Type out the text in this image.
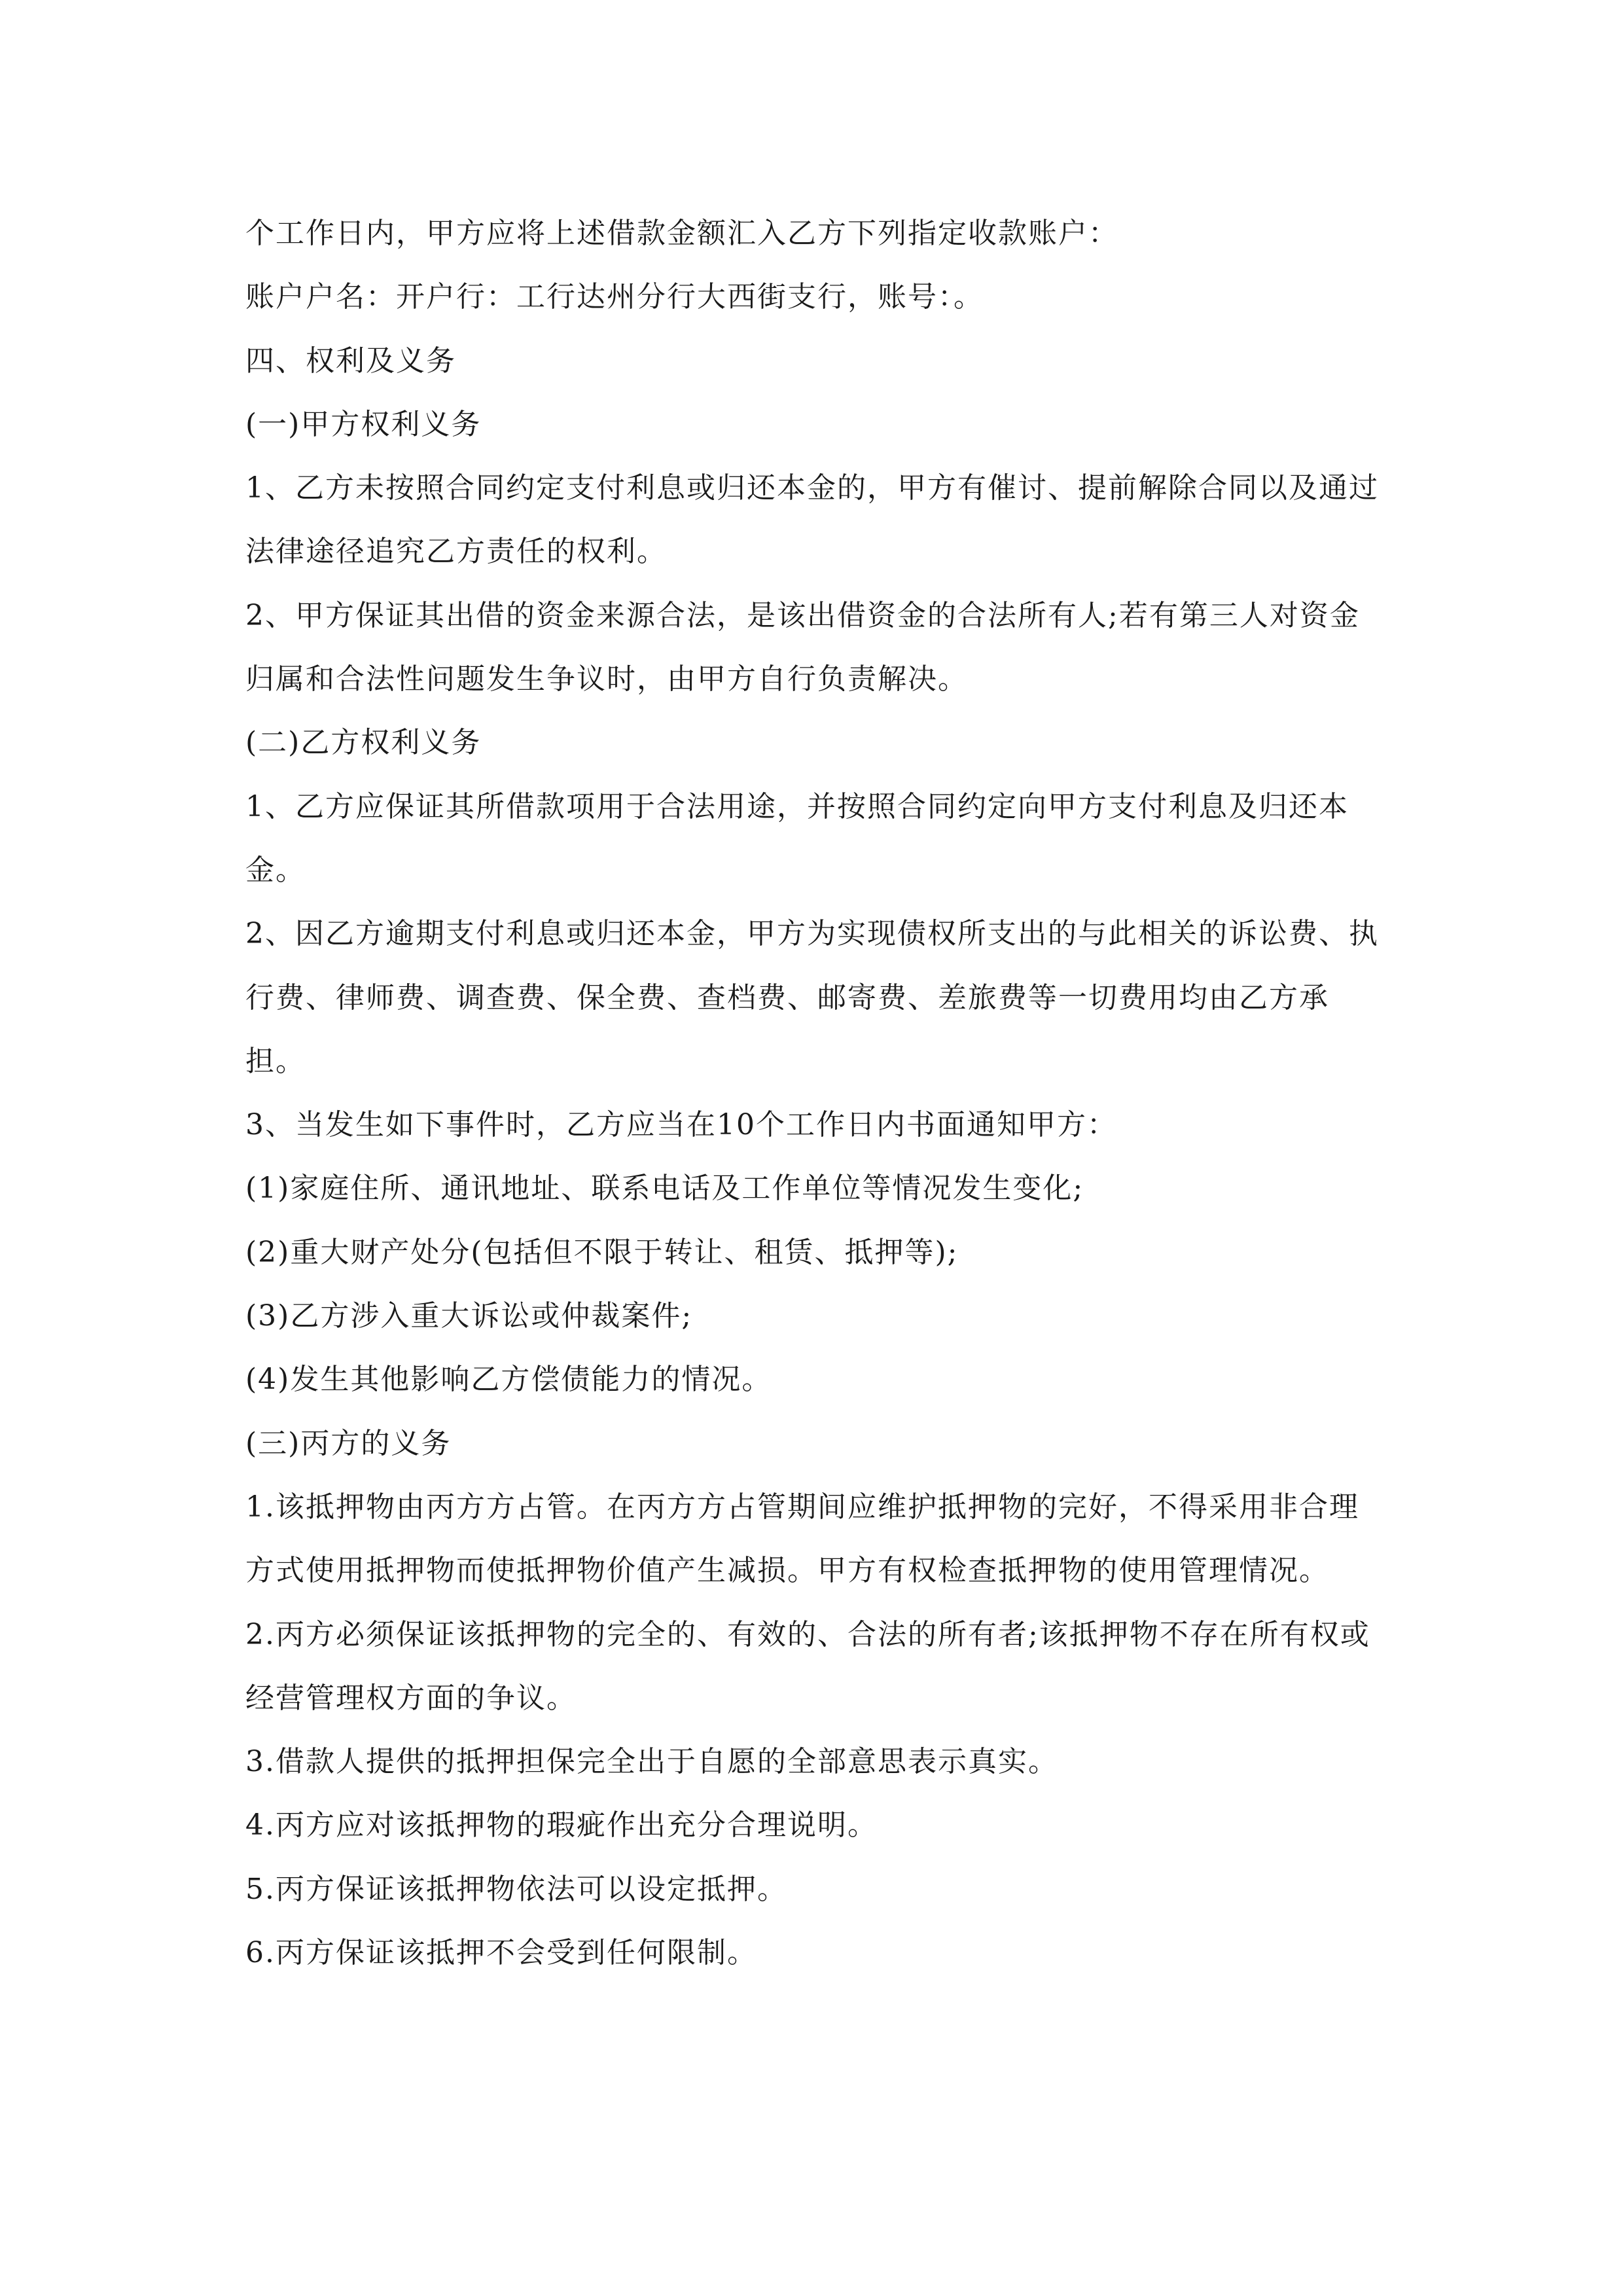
个工作日内，甲方应将上述借款金额汇入乙方下列指定收款账户：

账户户名：开户行：工行达州分行大西街支行，账号：。

四、权利及义务

(一)甲方权利义务

1、乙方未按照合同约定支付利息或归还本金的，甲方有催讨、提前解除合同以及通过法律途径追究乙方责任的权利。

2、甲方保证其出借的资金来源合法，是该出借资金的合法所有人;若有第三人对资金归属和合法性问题发生争议时，由甲方自行负责解决。

(二)乙方权利义务

1、乙方应保证其所借款项用于合法用途，并按照合同约定向甲方支付利息及归还本金。

2、因乙方逾期支付利息或归还本金，甲方为实现债权所支出的与此相关的诉讼费、执行费、律师费、调查费、保全费、查档费、邮寄费、差旅费等一切费用均由乙方承担。

3、当发生如下事件时，乙方应当在10个工作日内书面通知甲方：

(1)家庭住所、通讯地址、联系电话及工作单位等情况发生变化;

(2)重大财产处分(包括但不限于转让、租赁、抵押等);

(3)乙方涉入重大诉讼或仲裁案件;

(4)发生其他影响乙方偿债能力的情况。

(三)丙方的义务

1.该抵押物由丙方方占管。在丙方方占管期间应维护抵押物的完好，不得采用非合理方式使用抵押物而使抵押物价值产生减损。甲方有权检查抵押物的使用管理情况。

2.丙方必须保证该抵押物的完全的、有效的、合法的所有者;该抵押物不存在所有权或经营管理权方面的争议。

3.借款人提供的抵押担保完全出于自愿的全部意思表示真实。

4.丙方应对该抵押物的瑕疵作出充分合理说明。

5.丙方保证该抵押物依法可以设定抵押。

6.丙方保证该抵押不会受到任何限制。
